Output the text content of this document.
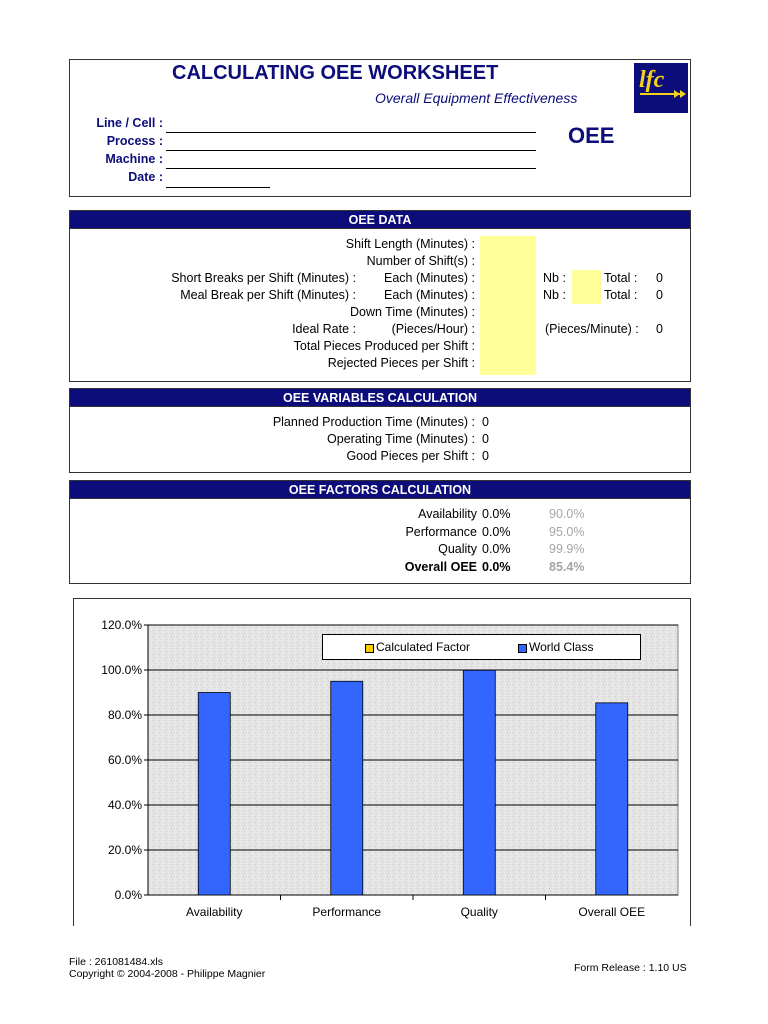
CALCULATING OEE WORKSHEET
Overall Equipment Effectiveness
OEE
lfc
Line / Cell :
Process :
Machine :
Date :
OEE DATA
Shift Length (Minutes) :
Number of Shift(s) :
Short Breaks per Shift (Minutes) :	Each (Minutes) :	Nb :	Total : 0
Meal Break per Shift (Minutes) :	Each (Minutes) :	Nb :	Total : 0
Down Time (Minutes) :
Ideal Rate :	(Pieces/Hour) :	(Pieces/Minute) : 0
Total Pieces Produced per Shift :
Rejected Pieces per Shift :
OEE VARIABLES CALCULATION
Planned Production Time (Minutes) : 0
Operating Time (Minutes) : 0
Good Pieces per Shift : 0
OEE FACTORS CALCULATION
Availability 0.0%	90.0%
Performance 0.0%	95.0%
Quality 0.0%	99.9%
Overall OEE 0.0%	85.4%
0.0%
20.0%
40.0%
60.0%
80.0%
100.0%
120.0%
Availability	Performance	Quality	Overall OEE
Calculated Factor	World Class
File : 261081484.xls
Copyright © 2004-2008 - Philippe Magnier	Form Release : 1.10 US
